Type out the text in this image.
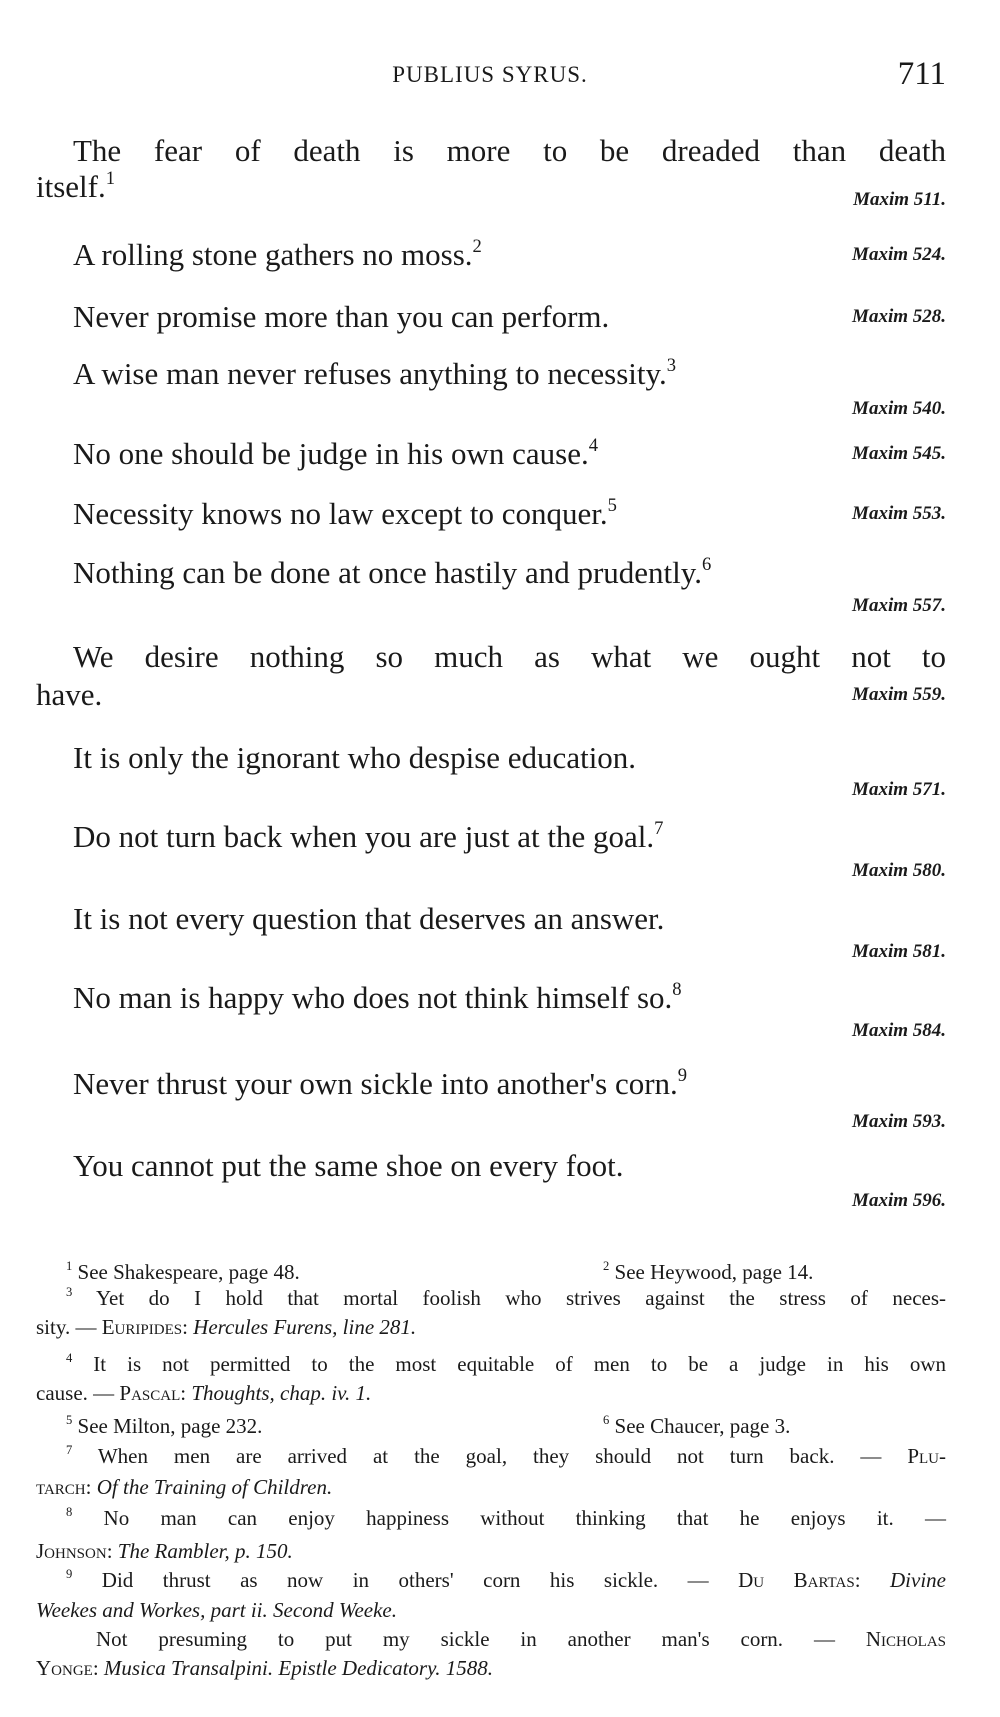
PUBLIUS SYRUS.	711
The fear of death is more to be dreaded than death
itself.$^1$
Maxim 511.
A rolling stone gathers no moss.$^2$	Maxim 524.
Never promise more than you can perform.	Maxim 528.
A wise man never refuses anything to necessity.$^3$
Maxim 540.
No one should be judge in his own cause.$^4$	Maxim 545.
Necessity knows no law except to conquer.$^5$	Maxim 553.
Nothing can be done at once hastily and prudently.$^6$
Maxim 557.
We desire nothing so much as what we ought not to
have.	Maxim 559.
It is only the ignorant who despise education.
Maxim 571.
Do not turn back when you are just at the goal.$^7$
Maxim 580.
It is not every question that deserves an answer.
Maxim 581.
No man is happy who does not think himself so.$^8$
Maxim 584.
Never thrust your own sickle into another's corn.$^9$
Maxim 593.
You cannot put the same shoe on every foot.
Maxim 596.
$^1$ See Shakespeare, page 48.	$^2$ See Heywood, page 14.
$^3$ Yet do I hold that mortal foolish who strives against the stress of neces-
sity. — Euripides: Hercules Furens, line 281.
$^4$ It is not permitted to the most equitable of men to be a judge in his own
cause. — Pascal: Thoughts, chap. iv. 1.
$^5$ See Milton, page 232.	$^6$ See Chaucer, page 3.
$^7$ When men are arrived at the goal, they should not turn back. — Plu-
tarch: Of the Training of Children.
$^8$ No man can enjoy happiness without thinking that he enjoys it. —
Johnson: The Rambler, p. 150.
$^9$ Did thrust as now in others' corn his sickle. — Du Bartas: Divine
Weekes and Workes, part ii. Second Weeke.
Not presuming to put my sickle in another man's corn. — Nicholas
Yonge: Musica Transalpini. Epistle Dedicatory. 1588.
